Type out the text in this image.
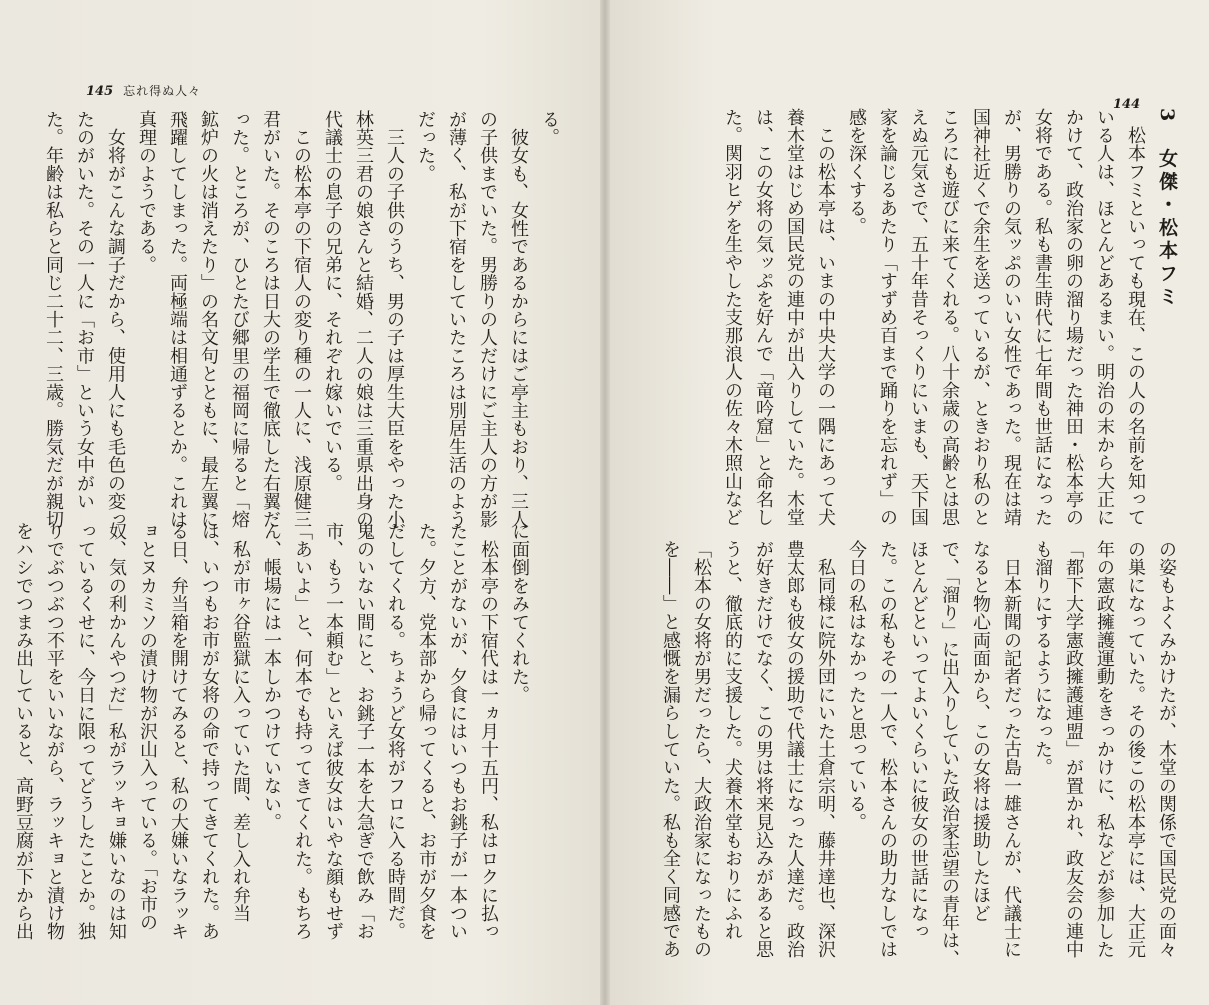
145 忘れ得ぬ人々
144

る。

　彼女も、女性であるからにはご亭主もおり、三人

の子供までいた。男勝りの人だけにご主人の方が影

が薄く、私が下宿をしていたころは別居生活のよう

だった。

　三人の子供のうち、男の子は厚生大臣をやった小

林英三君の娘さんと結婚、二人の娘は三重県出身の

代議士の息子の兄弟に、それぞれ嫁いでいる。

　この松本亭の下宿人の変り種の一人に、浅原健三

君がいた。そのころは日大の学生で徹底した右翼だ

った。ところが、ひとたび郷里の福岡に帰ると「熔

鉱炉の火は消えたり」の名文句とともに、最左翼に

飛躍してしまった。両極端は相通ずるとか。これは

真理のようである。

　女将がこんな調子だから、使用人にも毛色の変っ

たのがいた。その一人に「お市」という女中がい

た。年齢は私らと同じ二十二、三歳。勝気だが親切

に面倒をみてくれた。

　松本亭の下宿代は一ヵ月十五円、私はロクに払っ

たことがないが、夕食にはいつもお銚子が一本つい

た。夕方、党本部から帰ってくると、お市が夕食を

だしてくれる。ちょうど女将がフロに入る時間だ。

鬼のいない間にと、お銚子一本を大急ぎで飲み「お

市、もう一本頼む」といえば彼女はいやな顔もせず

「あいよ」と、何本でも持ってきてくれた。もちろ

ん、帳場には一本しかつけていない。

　私が市ヶ谷監獄に入っていた間、差し入れ弁当

は、いつもお市が女将の命で持ってきてくれた。あ

る日、弁当箱を開けてみると、私の大嫌いなラッキ

ョとヌカミソの漬け物が沢山入っている。「お市の

奴、気の利かんやつだ」私がラッキョ嫌いなのは知

っているくせに、今日に限ってどうしたことか。独

りでぶつぶつ不平をいいながら、ラッキョと漬け物

をハシでつまみ出していると、高野豆腐が下から出

3　女傑・松本フミ

　松本フミといっても現在、この人の名前を知って

いる人は、ほとんどあるまい。明治の末から大正に

かけて、政治家の卵の溜り場だった神田・松本亭の

女将である。私も書生時代に七年間も世話になった

が、男勝りの気ッぷのいい女性であった。現在は靖

国神社近くで余生を送っているが、ときおり私のと

ころにも遊びに来てくれる。八十余歳の高齢とは思

えぬ元気さで、五十年昔そっくりにいまも、天下国

家を論じるあたり「すずめ百まで踊りを忘れず」の

感を深くする。

　この松本亭は、いまの中央大学の一隅にあって犬

養木堂はじめ国民党の連中が出入りしていた。木堂

は、この女将の気ッぷを好んで「竜吟窟」と命名し

た。関羽ヒゲを生やした支那浪人の佐々木照山など

の姿もよくみかけたが、木堂の関係で国民党の面々

の巣になっていた。その後この松本亭には、大正元

年の憲政擁護運動をきっかけに、私などが参加した

「都下大学憲政擁護連盟」が置かれ、政友会の連中

も溜りにするようになった。

　日本新聞の記者だった古島一雄さんが、代議士に

なると物心両面から、この女将は援助したほど

で、「溜り」に出入りしていた政治家志望の青年は、

ほとんどといってよいくらいに彼女の世話になっ

た。この私もその一人で、松本さんの助力なしでは

今日の私はなかったと思っている。

　私同様に院外団にいた土倉宗明、藤井達也、深沢

豊太郎も彼女の援助で代議士になった人達だ。政治

が好きだけでなく、この男は将来見込みがあると思

うと、徹底的に支援した。犬養木堂もおりにふれ

「松本の女将が男だったら、大政治家になったもの

を――」と感慨を漏らしていた。私も全く同感であ
